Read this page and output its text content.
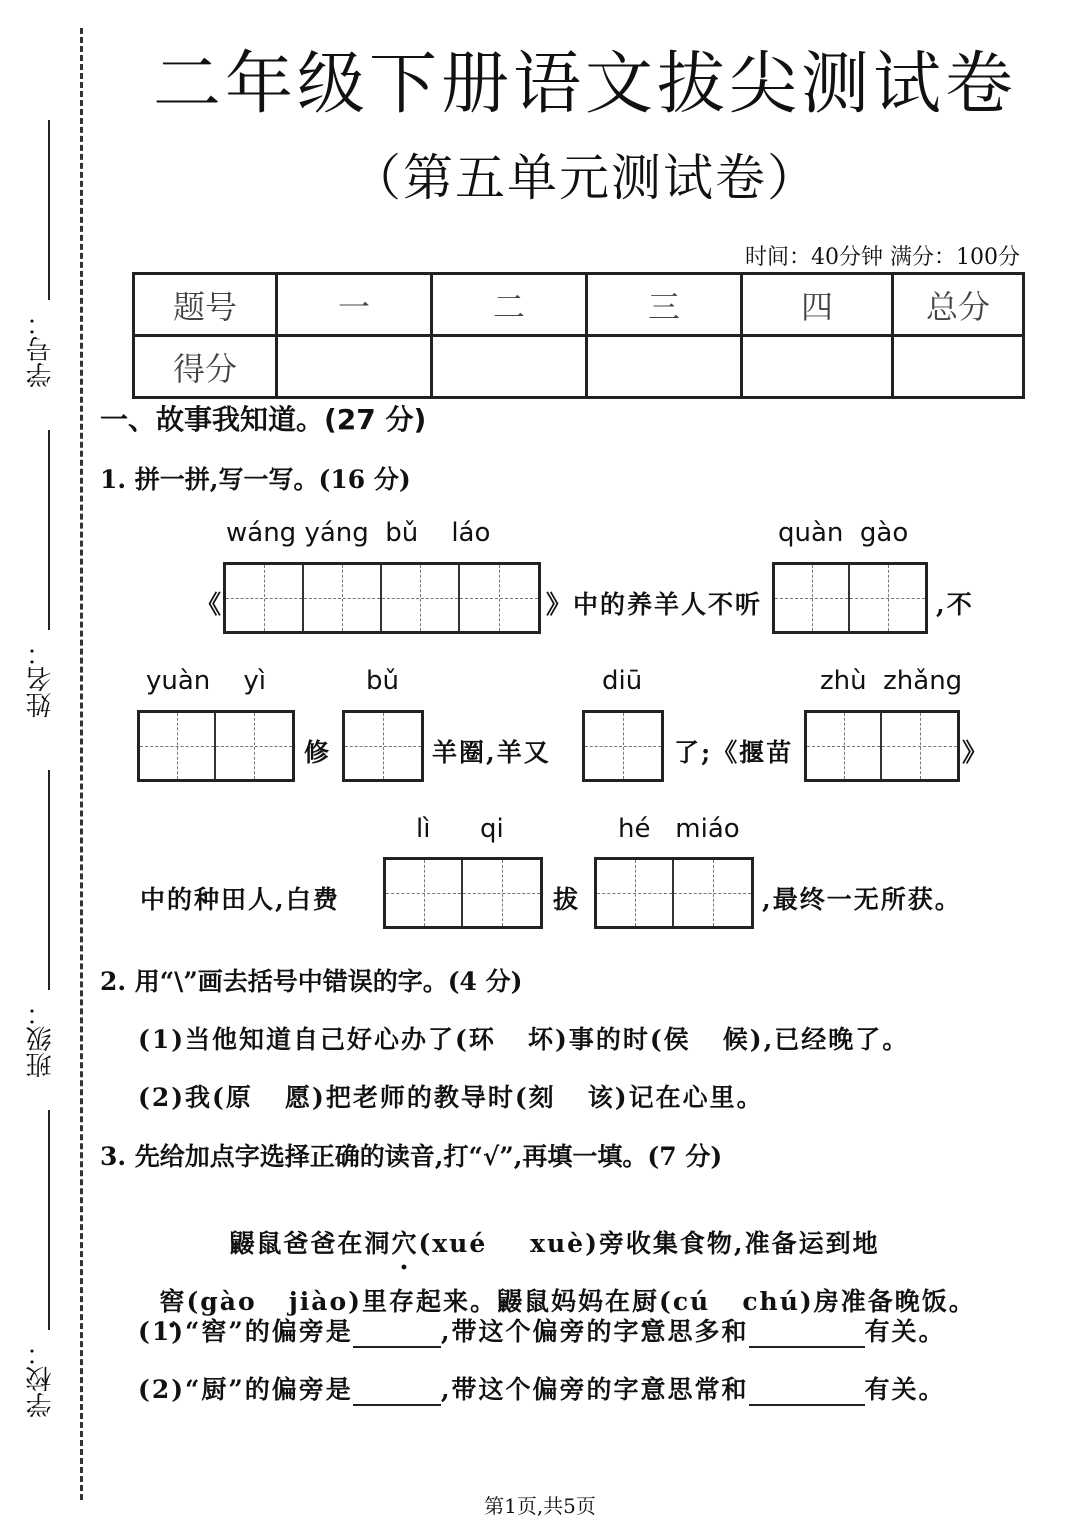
学号：
姓名：
班级：
学校：
二年级下册语文拔尖测试卷
（第五单元测试卷）
时间：40分钟 满分：100分
题号	一	二	三	四	总分
得分					
一、故事我知道。(27 分)
1. 拼一拼,写一写。(16 分)
wáng yáng  bǔ    láo	quàn  gào
《	》中的养羊人不听	,不
yuàn    yì	bǔ	diū	zhù  zhǎng
修	羊圈,羊又	了;《揠苗	》
lì      qi	hé   miáo
中的种田人,白费	拔	,最终一无所获。
2. 用“\”画去括号中错误的字。(4 分)
(1)当他知道自己好心办了(环   坏)事的时(侯   候),已经晚了。
(2)我(原   愿)把老师的教导时(刻   该)记在心里。
3. 先给加点字选择正确的读音,打“√”,再填一填。(7 分)

鼹鼠爸爸在洞穴(xué    xuè)旁收集食物,准备运到地

窖(gào   jiào)里存起来。鼹鼠妈妈在厨(cú   chú)房准备晚饭。

(1)“窖”的偏旁是	,带这个偏旁的字意思多和	有关。
(2)“厨”的偏旁是	,带这个偏旁的字意思常和	有关。
第1页,共5页
